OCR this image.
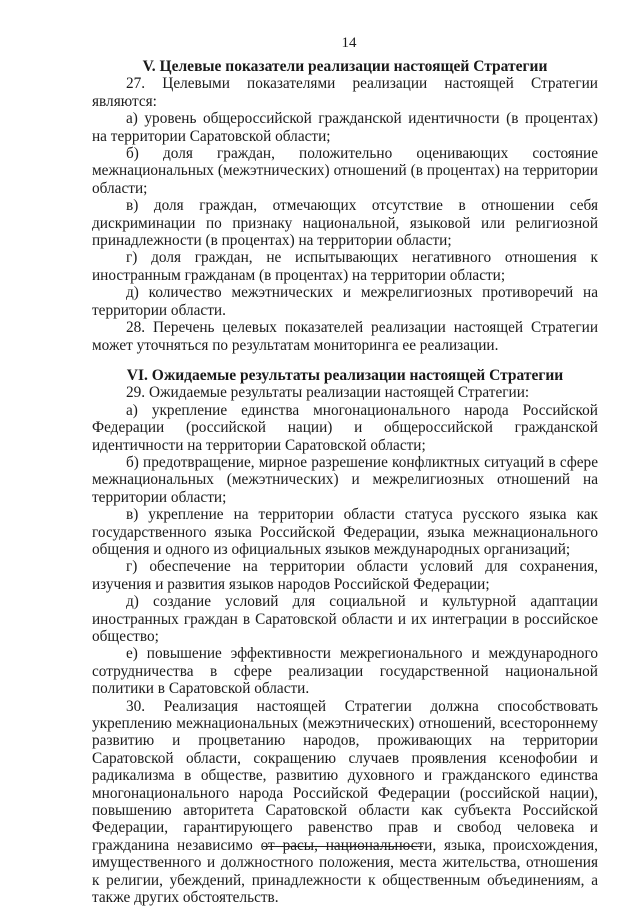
14
V. Целевые показатели реализации настоящей Стратегии

27. Целевыми показателями реализации настоящей Стратегии являются:

а) уровень общероссийской гражданской идентичности (в процентах) на территории Саратовской области;

б) доля граждан, положительно оценивающих состояние межнациональных (межэтнических) отношений (в процентах) на территории области;

в) доля граждан, отмечающих отсутствие в отношении себя дискриминации по признаку национальной, языковой или религиозной принадлежности (в процентах) на территории области;

г) доля граждан, не испытывающих негативного отношения к иностранным гражданам (в процентах) на территории области;

д) количество межэтнических и межрелигиозных противоречий на территории области.

28. Перечень целевых показателей реализации настоящей Стратегии может уточняться по результатам мониторинга ее реализации.

VI. Ожидаемые результаты реализации настоящей Стратегии

29. Ожидаемые результаты реализации настоящей Стратегии:

а) укрепление единства многонационального народа Российской Федерации (российской нации) и общероссийской гражданской идентичности на территории Саратовской области;

б) предотвращение, мирное разрешение конфликтных ситуаций в сфере межнациональных (межэтнических) и межрелигиозных отношений на территории области;

в) укрепление на территории области статуса русского языка как государственного языка Российской Федерации, языка межнационального общения и одного из официальных языков международных организаций;

г) обеспечение на территории области условий для сохранения, изучения и развития языков народов Российской Федерации;

д) создание условий для социальной и культурной адаптации иностранных граждан в Саратовской области и их интеграции в российское общество;

е) повышение эффективности межрегионального и международного сотрудничества в сфере реализации государственной национальной политики в Саратовской области.

30. Реализация настоящей Стратегии должна способствовать укреплению межнациональных (межэтнических) отношений, всестороннему развитию и процветанию народов, проживающих на территории Саратовской области, сокращению случаев проявления ксенофобии и радикализма в обществе, развитию духовного и гражданского единства многонационального народа Российской Федерации (российской нации), повышению авторитета Саратовской области как субъекта Российской Федерации, гарантирующего равенство прав и свобод человека и гражданина независимо от расы, национальности, языка, происхождения, имущественного и должностного положения, места жительства, отношения к религии, убеждений, принадлежности к общественным объединениям, а также других обстоятельств.
